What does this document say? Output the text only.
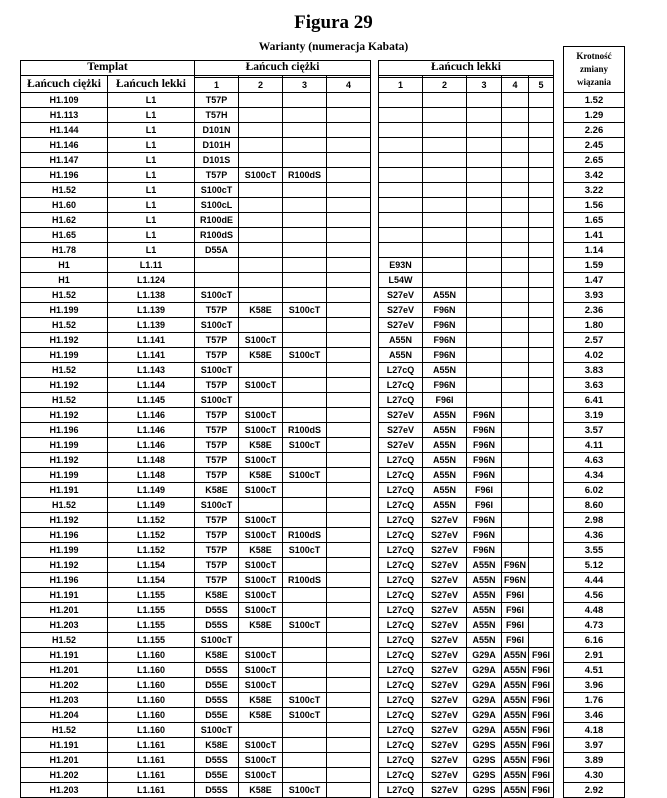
Figura 29
Warianty (numeracja Kabata)
													Krotność zmiany wiązania
Templat		Łańcuch ciężki					Łańcuch lekki						
Łańcuch ciężki	Łańcuch lekki												
		1	2	3	4		1	2	3	4	5		
H1.109	L1	T57P											1.52
H1.113	L1	T57H											1.29
H1.144	L1	D101N											2.26
H1.146	L1	D101H											2.45
H1.147	L1	D101S											2.65
H1.196	L1	T57P	S100cT	R100dS									3.42
H1.52	L1	S100cT											3.22
H1.60	L1	S100cL											1.56
H1.62	L1	R100dE											1.65
H1.65	L1	R100dS											1.41
H1.78	L1	D55A											1.14
H1	L1.11						E93N						1.59
H1	L1.124						L54W						1.47
H1.52	L1.138	S100cT					S27eV	A55N					3.93
H1.199	L1.139	T57P	K58E	S100cT			S27eV	F96N					2.36
H1.52	L1.139	S100cT					S27eV	F96N					1.80
H1.192	L1.141	T57P	S100cT				A55N	F96N					2.57
H1.199	L1.141	T57P	K58E	S100cT			A55N	F96N					4.02
H1.52	L1.143	S100cT					L27cQ	A55N					3.83
H1.192	L1.144	T57P	S100cT				L27cQ	F96N					3.63
H1.52	L1.145	S100cT					L27cQ	F96I					6.41
H1.192	L1.146	T57P	S100cT				S27eV	A55N	F96N				3.19
H1.196	L1.146	T57P	S100cT	R100dS			S27eV	A55N	F96N				3.57
H1.199	L1.146	T57P	K58E	S100cT			S27eV	A55N	F96N				4.11
H1.192	L1.148	T57P	S100cT				L27cQ	A55N	F96N				4.63
H1.199	L1.148	T57P	K58E	S100cT			L27cQ	A55N	F96N				4.34
H1.191	L1.149	K58E	S100cT				L27cQ	A55N	F96I				6.02
H1.52	L1.149	S100cT					L27cQ	A55N	F96I				8.60
H1.192	L1.152	T57P	S100cT				L27cQ	S27eV	F96N				2.98
H1.196	L1.152	T57P	S100cT	R100dS			L27cQ	S27eV	F96N				4.36
H1.199	L1.152	T57P	K58E	S100cT			L27cQ	S27eV	F96N				3.55
H1.192	L1.154	T57P	S100cT				L27cQ	S27eV	A55N	F96N			5.12
H1.196	L1.154	T57P	S100cT	R100dS			L27cQ	S27eV	A55N	F96N			4.44
H1.191	L1.155	K58E	S100cT				L27cQ	S27eV	A55N	F96I			4.56
H1.201	L1.155	D55S	S100cT				L27cQ	S27eV	A55N	F96I			4.48
H1.203	L1.155	D55S	K58E	S100cT			L27cQ	S27eV	A55N	F96I			4.73
H1.52	L1.155	S100cT					L27cQ	S27eV	A55N	F96I			6.16
H1.191	L1.160	K58E	S100cT				L27cQ	S27eV	G29A	A55N	F96I		2.91
H1.201	L1.160	D55S	S100cT				L27cQ	S27eV	G29A	A55N	F96I		4.51
H1.202	L1.160	D55E	S100cT				L27cQ	S27eV	G29A	A55N	F96I		3.96
H1.203	L1.160	D55S	K58E	S100cT			L27cQ	S27eV	G29A	A55N	F96I		1.76
H1.204	L1.160	D55E	K58E	S100cT			L27cQ	S27eV	G29A	A55N	F96I		3.46
H1.52	L1.160	S100cT					L27cQ	S27eV	G29A	A55N	F96I		4.18
H1.191	L1.161	K58E	S100cT				L27cQ	S27eV	G29S	A55N	F96I		3.97
H1.201	L1.161	D55S	S100cT				L27cQ	S27eV	G29S	A55N	F96I		3.89
H1.202	L1.161	D55E	S100cT				L27cQ	S27eV	G29S	A55N	F96I		4.30
H1.203	L1.161	D55S	K58E	S100cT			L27cQ	S27eV	G29S	A55N	F96I		2.92
